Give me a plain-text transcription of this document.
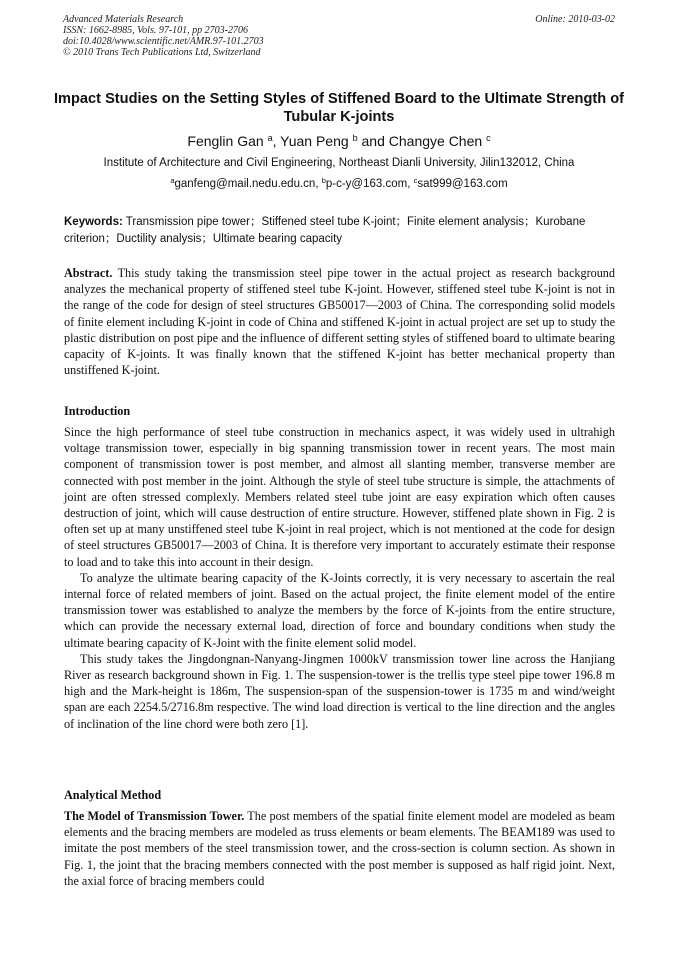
Advanced Materials Research
ISSN: 1662-8985, Vols. 97-101, pp 2703-2706
doi:10.4028/www.scientific.net/AMR.97-101.2703
© 2010 Trans Tech Publications Ltd, Switzerland
Online: 2010-03-02
Impact Studies on the Setting Styles of Stiffened Board to the Ultimate Strength of Tubular K-joints
Fenglin Gan $^a$, Yuan Peng $^b$ and Changye Chen $^c$
Institute of Architecture and Civil Engineering, Northeast Dianli University, Jilin132012, China
$^a$ganfeng@mail.nedu.edu.cn, $^b$p-c-y@163.com, $^c$sat999@163.com
Keywords: Transmission pipe tower；Stiffened steel tube K-joint；Finite element analysis；Kurobane criterion；Ductility analysis；Ultimate bearing capacity

Abstract. This study taking the transmission steel pipe tower in the actual project as research background analyzes the mechanical property of stiffened steel tube K-joint. However, stiffened steel tube K-joint is not in the range of the code for design of steel structures GB50017—2003 of China. The corresponding solid models of finite element including K-joint in code of China and stiffened K-joint in actual project are set up to study the plastic distribution on post pipe and the influence of different setting styles of stiffened board to ultimate bearing capacity of K-joints. It was finally known that the stiffened K-joint has better mechanical property than unstiffened K-joint.

Introduction

Since the high performance of steel tube construction in mechanics aspect, it was widely used in ultrahigh voltage transmission tower, especially in big spanning transmission tower in recent years. The most main component of transmission tower is post member, and almost all slanting member, transverse member are connected with post member in the joint. Although the style of steel tube structure is simple, the attachments of joint are often stressed complexly. Members related steel tube joint are easy expiration which often causes destruction of joint, which will cause destruction of entire structure. However, stiffened plate shown in Fig. 2 is often set up at many unstiffened steel tube K-joint in real project, which is not mentioned at the code for design of steel structures GB50017—2003 of China. It is therefore very important to accurately estimate their response to load and to take this into account in their design.

To analyze the ultimate bearing capacity of the K-Joints correctly, it is very necessary to ascertain the real internal force of related members of joint. Based on the actual project, the finite element model of the entire transmission tower was established to analyze the members by the force of K-joints from the entire structure, which can provide the necessary external load, direction of force and boundary conditions when study the ultimate bearing capacity of K-Joint with the finite element solid model.

This study takes the Jingdongnan-Nanyang-Jingmen 1000kV transmission tower line across the Hanjiang River as research background shown in Fig. 1. The suspension-tower is the trellis type steel pipe tower 196.8 m high and the Mark-height is 186m, The suspension-span of the suspension-tower is 1735 m and wind/weight span are each 2254.5/2716.8m respective. The wind load direction is vertical to the line direction and the angles of inclination of the line chord were both zero [1].

Analytical Method

The Model of Transmission Tower. The post members of the spatial finite element model are modeled as beam elements and the bracing members are modeled as truss elements or beam elements. The BEAM189 was used to imitate the post members of the steel transmission tower, and the cross-section is column section. As shown in Fig. 1, the joint that the bracing members connected with the post member is supposed as half rigid joint. Next, the axial force of bracing members could
